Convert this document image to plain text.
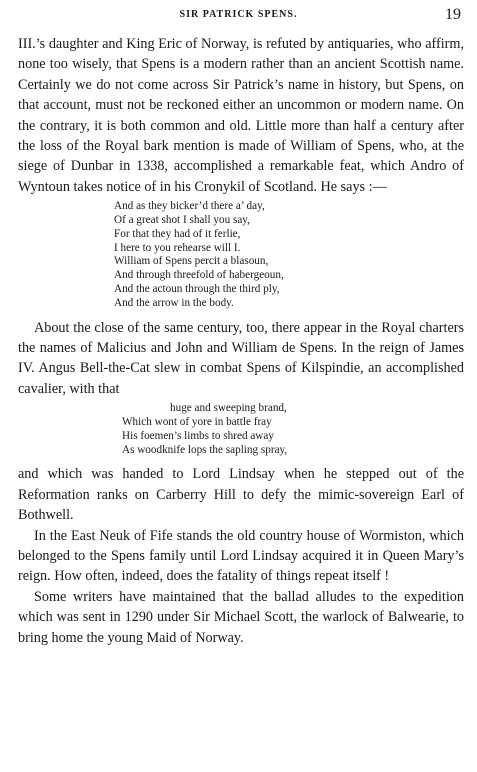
SIR PATRICK SPENS.	19

III.’s daughter and King Eric of Norway, is refuted by antiquaries, who affirm, none too wisely, that Spens is a modern rather than an ancient Scottish name. Certainly we do not come across Sir Patrick’s name in history, but Spens, on that account, must not be reckoned either an uncommon or modern name. On the contrary, it is both common and old. Little more than half a century after the loss of the Royal bark mention is made of William of Spens, who, at the siege of Dunbar in 1338, accomplished a remarkable feat, which Andro of Wyntoun takes notice of in his Cronykil of Scotland. He says :—

And as they bicker’d there a’ day,
Of a great shot I shall you say,
For that they had of it ferlie,
I here to you rehearse will I.
William of Spens percit a blasoun,
And through threefold of habergeoun,
And the actoun through the third ply,
And the arrow in the body.

About the close of the same century, too, there appear in the Royal charters the names of Malicius and John and William de Spens. In the reign of James IV. Angus Bell-the-Cat slew in combat Spens of Kilspindie, an accomplished cavalier, with that

huge and sweeping brand,
Which wont of yore in battle fray
His foemen’s limbs to shred away
As woodknife lops the sapling spray,

and which was handed to Lord Lindsay when he stepped out of the Reformation ranks on Carberry Hill to defy the mimic-sovereign Earl of Bothwell.

In the East Neuk of Fife stands the old country house of Wormiston, which belonged to the Spens family until Lord Lindsay acquired it in Queen Mary’s reign. How often, indeed, does the fatality of things repeat itself !

Some writers have maintained that the ballad alludes to the expedition which was sent in 1290 under Sir Michael Scott, the warlock of Balwearie, to bring home the young Maid of Norway.
